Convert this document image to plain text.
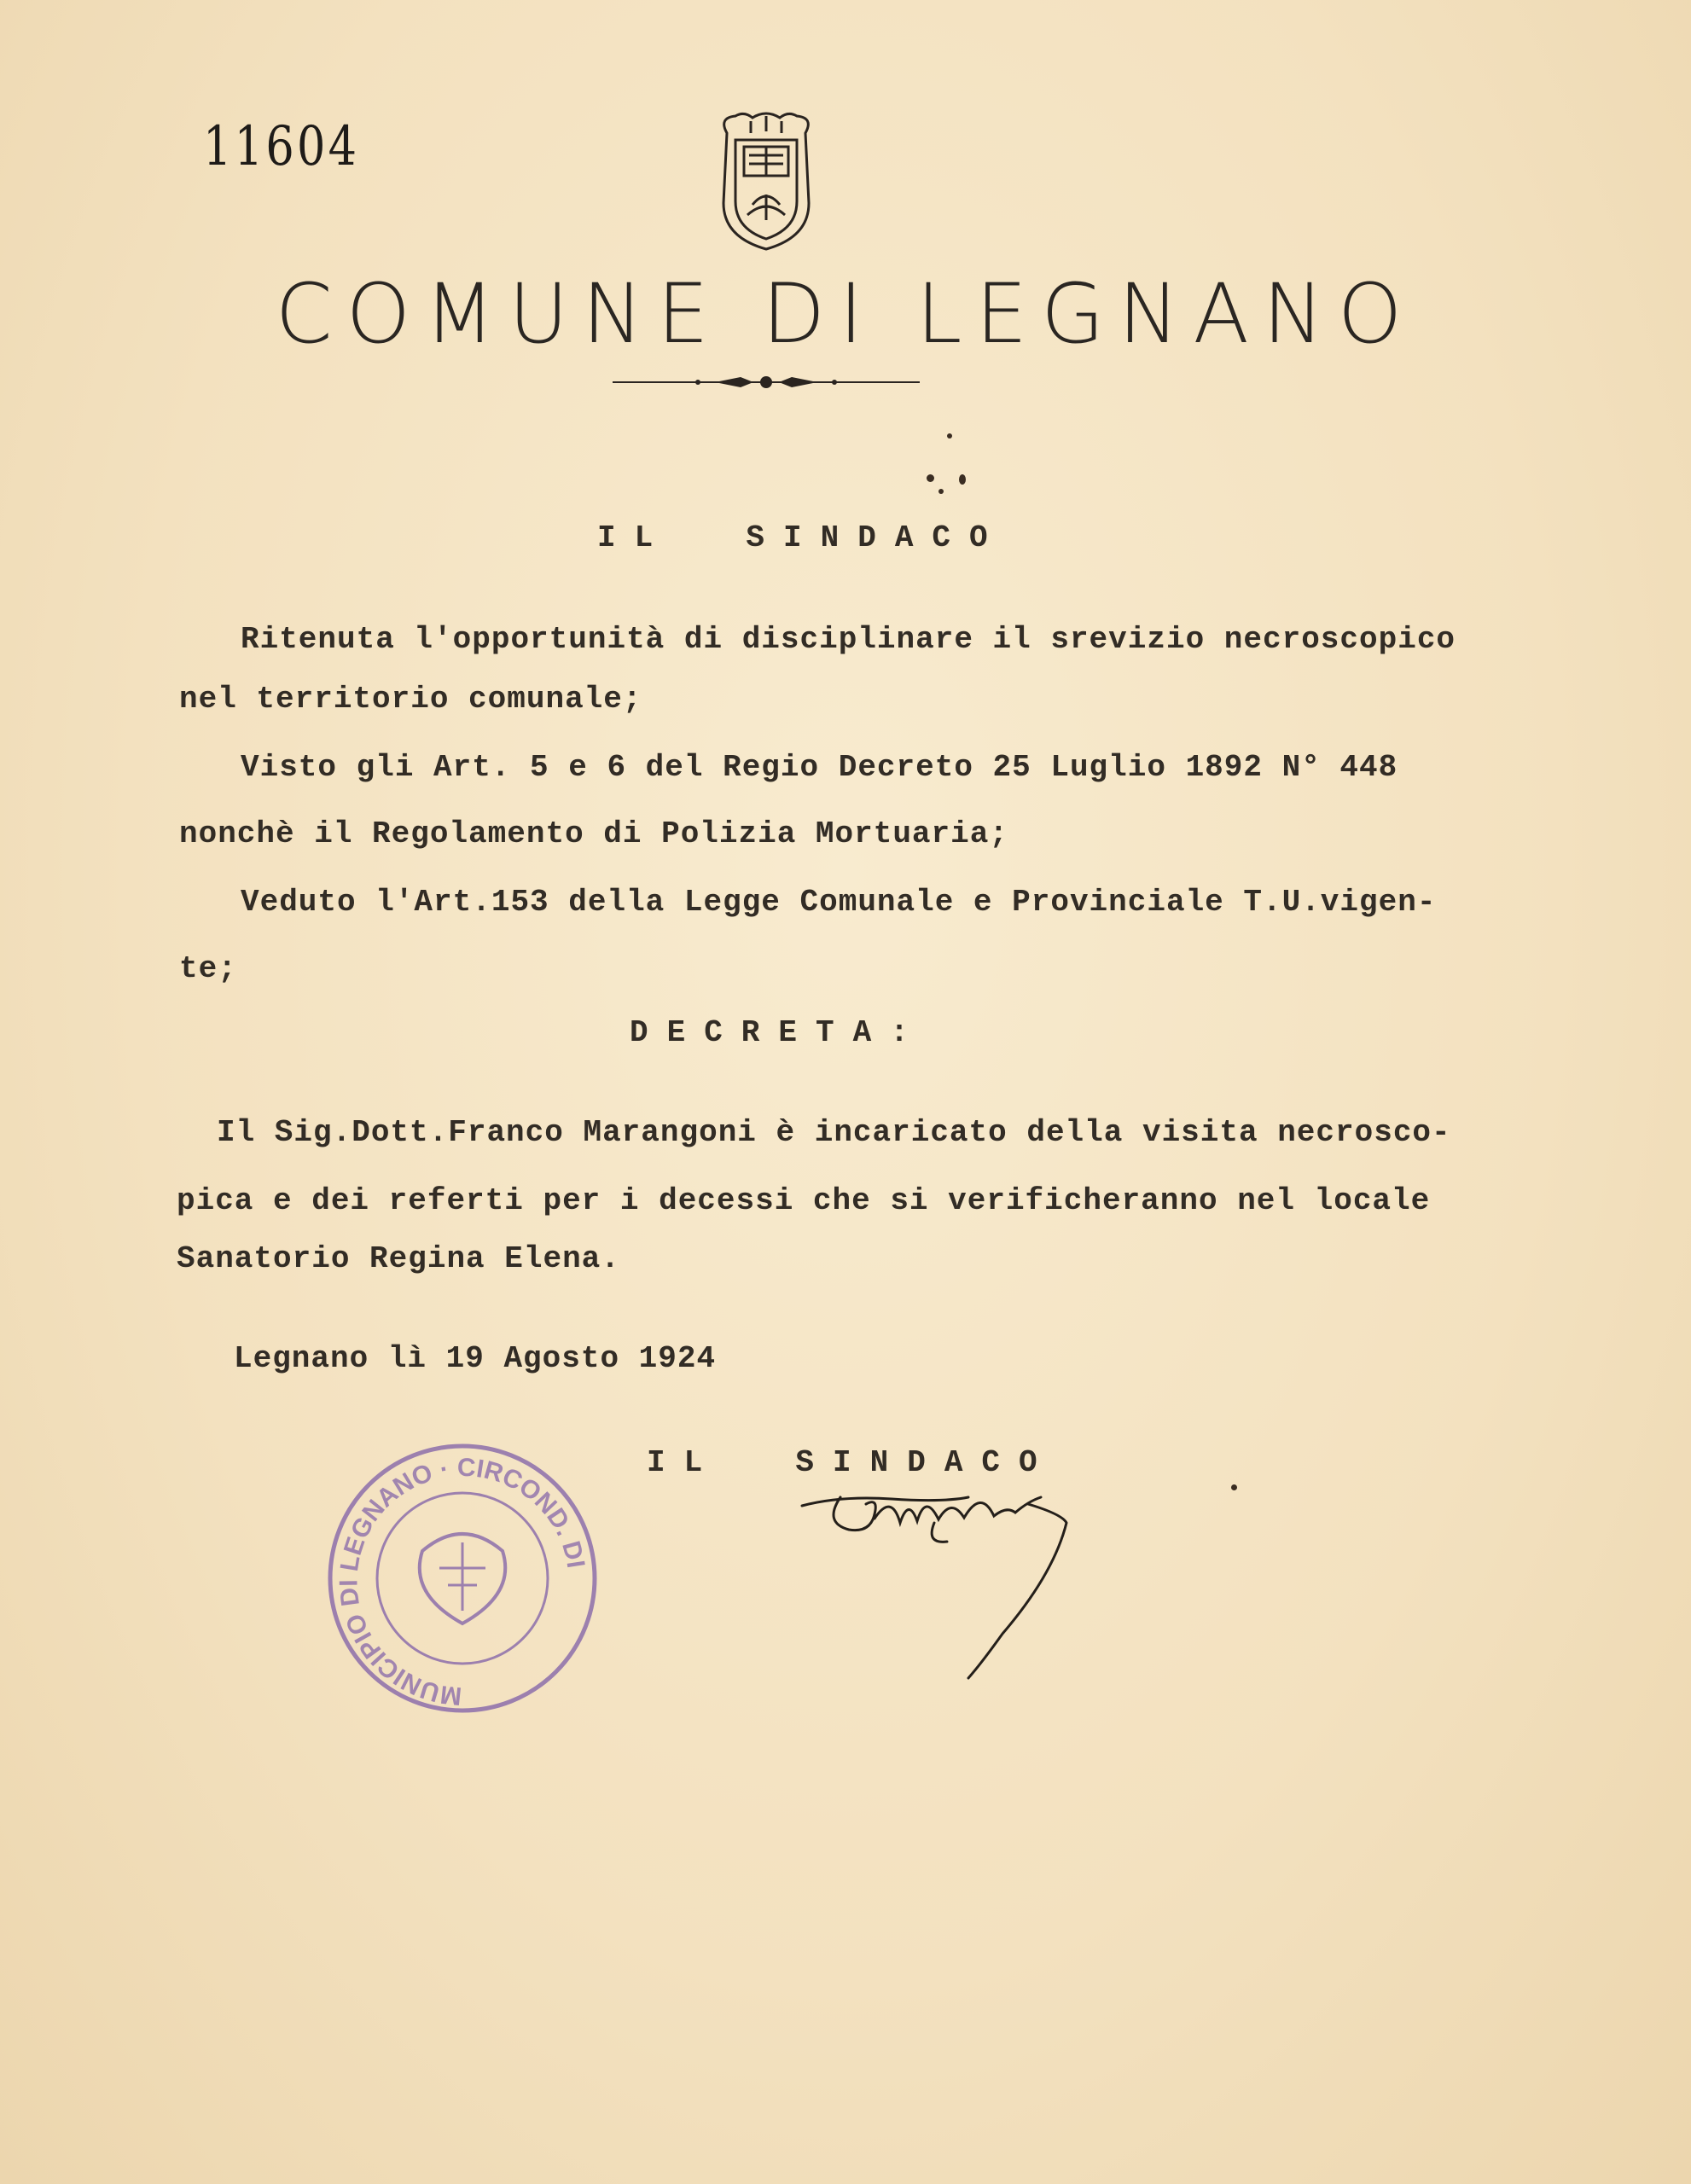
11604
COMUNE DI LEGNANO
IL  SINDACO
Ritenuta l'opportunità di disciplinare il srevizio necroscopico
nel territorio comunale;
Visto gli Art. 5 e 6 del Regio Decreto 25 Luglio 1892 N° 448
nonchè il Regolamento di Polizia Mortuaria;
Veduto l'Art.153 della Legge Comunale e Provinciale T.U.vigen-
te;
DECRETA:
Il Sig.Dott.Franco Marangoni è incaricato della visita necrosco-
pica e dei referti per i decessi che si verificheranno nel locale
Sanatorio Regina Elena.
Legnano lì 19 Agosto 1924
IL  SINDACO
MUNICIPIO DI LEGNANO · CIRCOND. DI
